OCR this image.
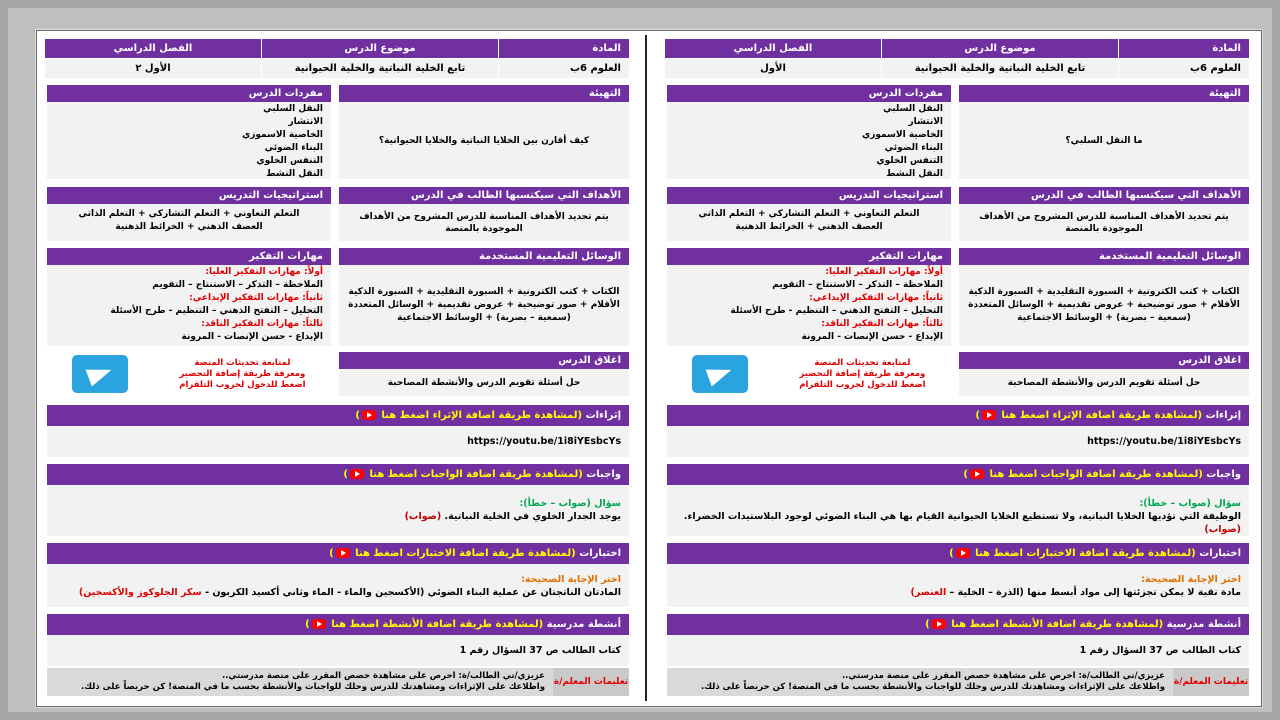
المادة
موضوع الدرس
الفصل الدراسي
العلوم 6ب
تابع الخلية النباتية والخلية الحيوانية
الأول ٢
التهيئة
كيف أقارن بين الخلايا النباتية والخلايا الحيوانية؟
مفردات الدرس
النقل السلبي
الانتشار
الخاصية الاسموزي
البناء الضوئي
التنفس الخلوي
النقل النشط
الأهداف التي سيكتسبها الطالب في الدرس
يتم تحديد الأهداف المناسبة للدرس المشروح من الأهداف الموجودة بالمنصة
استراتيجيات التدريس
التعلم التعاوني + التعلم التشاركي + التعلم الذاتي
العصف الذهني + الخرائط الذهنية
الوسائل التعليمية المستخدمة
الكتاب + كتب الكترونية + السبورة التقليدية + السبورة الذكية
الأقلام + صور توضيحية + عروض تقديمية + الوسائل المتعددة
(سمعية – بصرية) + الوسائط الاجتماعية
مهارات التفكير
أولاً: مهارات التفكير العليا:
الملاحظة – التذكر – الاستنتاج – التقويم
ثانياً: مهارات التفكير الإبداعي:
التحليل – التفتح الذهني – التنظيم - طرح الأسئلة
ثالثاً: مهارات التفكير الناقد:
الإبداع - حسن الإنصات - المرونة
اغلاق الدرس
حل أسئلة تقويم الدرس والأنشطة المصاحبة
لمتابعة تحديثات المنصة
ومعرفة طريقة إضافة التحضير
اضغط للدخول لجروب التلقرام
إثراءات (لمشاهدة طريقة اضافة الإثراء اضغط هنا )
https://youtu.be/1i8iYEsbcYs
واجبات (لمشاهدة طريقة اضافة الواجبات اضغط هنا )
سؤال (صواب – خطأ):
يوجد الجدار الخلوي في الخلية النباتية. (صواب)
اختبارات (لمشاهدة طريقة اضافة الاختبارات اضغط هنا )
اختر الإجابة الصحيحة:
المادتان الناتجتان عن عملية البناء الضوئي (الأكسجين والماء - الماء وثاني أكسيد الكربون - سكر الجلوكوز والأكسجين)
أنشطة مدرسية (لمشاهدة طريقة اضافة الأنشطة اضغط هنا )
كتاب الطالب ص 37 السؤال رقم 1
تعليمات المعلم/ة
عزيزي/تي الطالب/ة: احرص على مشاهدة حصص المقرر على منصة مدرستي..
واطلاعك على الإثراءات ومشاهدتك للدرس وحلك للواجبات والأنشطة بحسب ما في المنصة! كن حريصاً على ذلك.
المادة
موضوع الدرس
الفصل الدراسي
العلوم 6ب
تابع الخلية النباتية والخلية الحيوانية
الأول
التهيئة
ما النقل السلبي؟
مفردات الدرس
النقل السلبي
الانتشار
الخاصية الاسموزي
البناء الضوئي
التنفس الخلوي
النقل النشط
الأهداف التي سيكتسبها الطالب في الدرس
يتم تحديد الأهداف المناسبة للدرس المشروح من الأهداف الموجودة بالمنصة
استراتيجيات التدريس
التعلم التعاوني + التعلم التشاركي + التعلم الذاتي
العصف الذهني + الخرائط الذهنية
الوسائل التعليمية المستخدمة
الكتاب + كتب الكترونية + السبورة التقليدية + السبورة الذكية
الأقلام + صور توضيحية + عروض تقديمية + الوسائل المتعددة
(سمعية – بصرية) + الوسائط الاجتماعية
مهارات التفكير
أولاً: مهارات التفكير العليا:
الملاحظة – التذكر – الاستنتاج – التقويم
ثانياً: مهارات التفكير الإبداعي:
التحليل – التفتح الذهني – التنظيم - طرح الأسئلة
ثالثاً: مهارات التفكير الناقد:
الإبداع - حسن الإنصات - المرونة
اغلاق الدرس
حل أسئلة تقويم الدرس والأنشطة المصاحبة
لمتابعة تحديثات المنصة
ومعرفة طريقة إضافة التحضير
اضغط للدخول لجروب التلقرام
إثراءات (لمشاهدة طريقة اضافة الإثراء اضغط هنا )
https://youtu.be/1i8iYEsbcYs
واجبات (لمشاهدة طريقة اضافة الواجبات اضغط هنا )
سؤال (صواب – خطأ):
الوظيفة التي تؤديها الخلايا النباتية، ولا تستطيع الخلايا الحيوانية القيام بها هي البناء الضوئي لوجود البلاستيدات الخضراء. (صواب)
اختبارات (لمشاهدة طريقة اضافة الاختبارات اضغط هنا )
اختر الإجابة الصحيحة:
مادة نقية لا يمكن تجزئتها إلى مواد أبسط منها (الذرة – الخلية – العنصر)
أنشطة مدرسية (لمشاهدة طريقة اضافة الأنشطة اضغط هنا )
كتاب الطالب ص 37 السؤال رقم 1
تعليمات المعلم/ة
عزيزي/تي الطالب/ة: احرص على مشاهدة حصص المقرر على منصة مدرستي..
واطلاعك على الإثراءات ومشاهدتك للدرس وحلك للواجبات والأنشطة بحسب ما في المنصة! كن حريصاً على ذلك.
